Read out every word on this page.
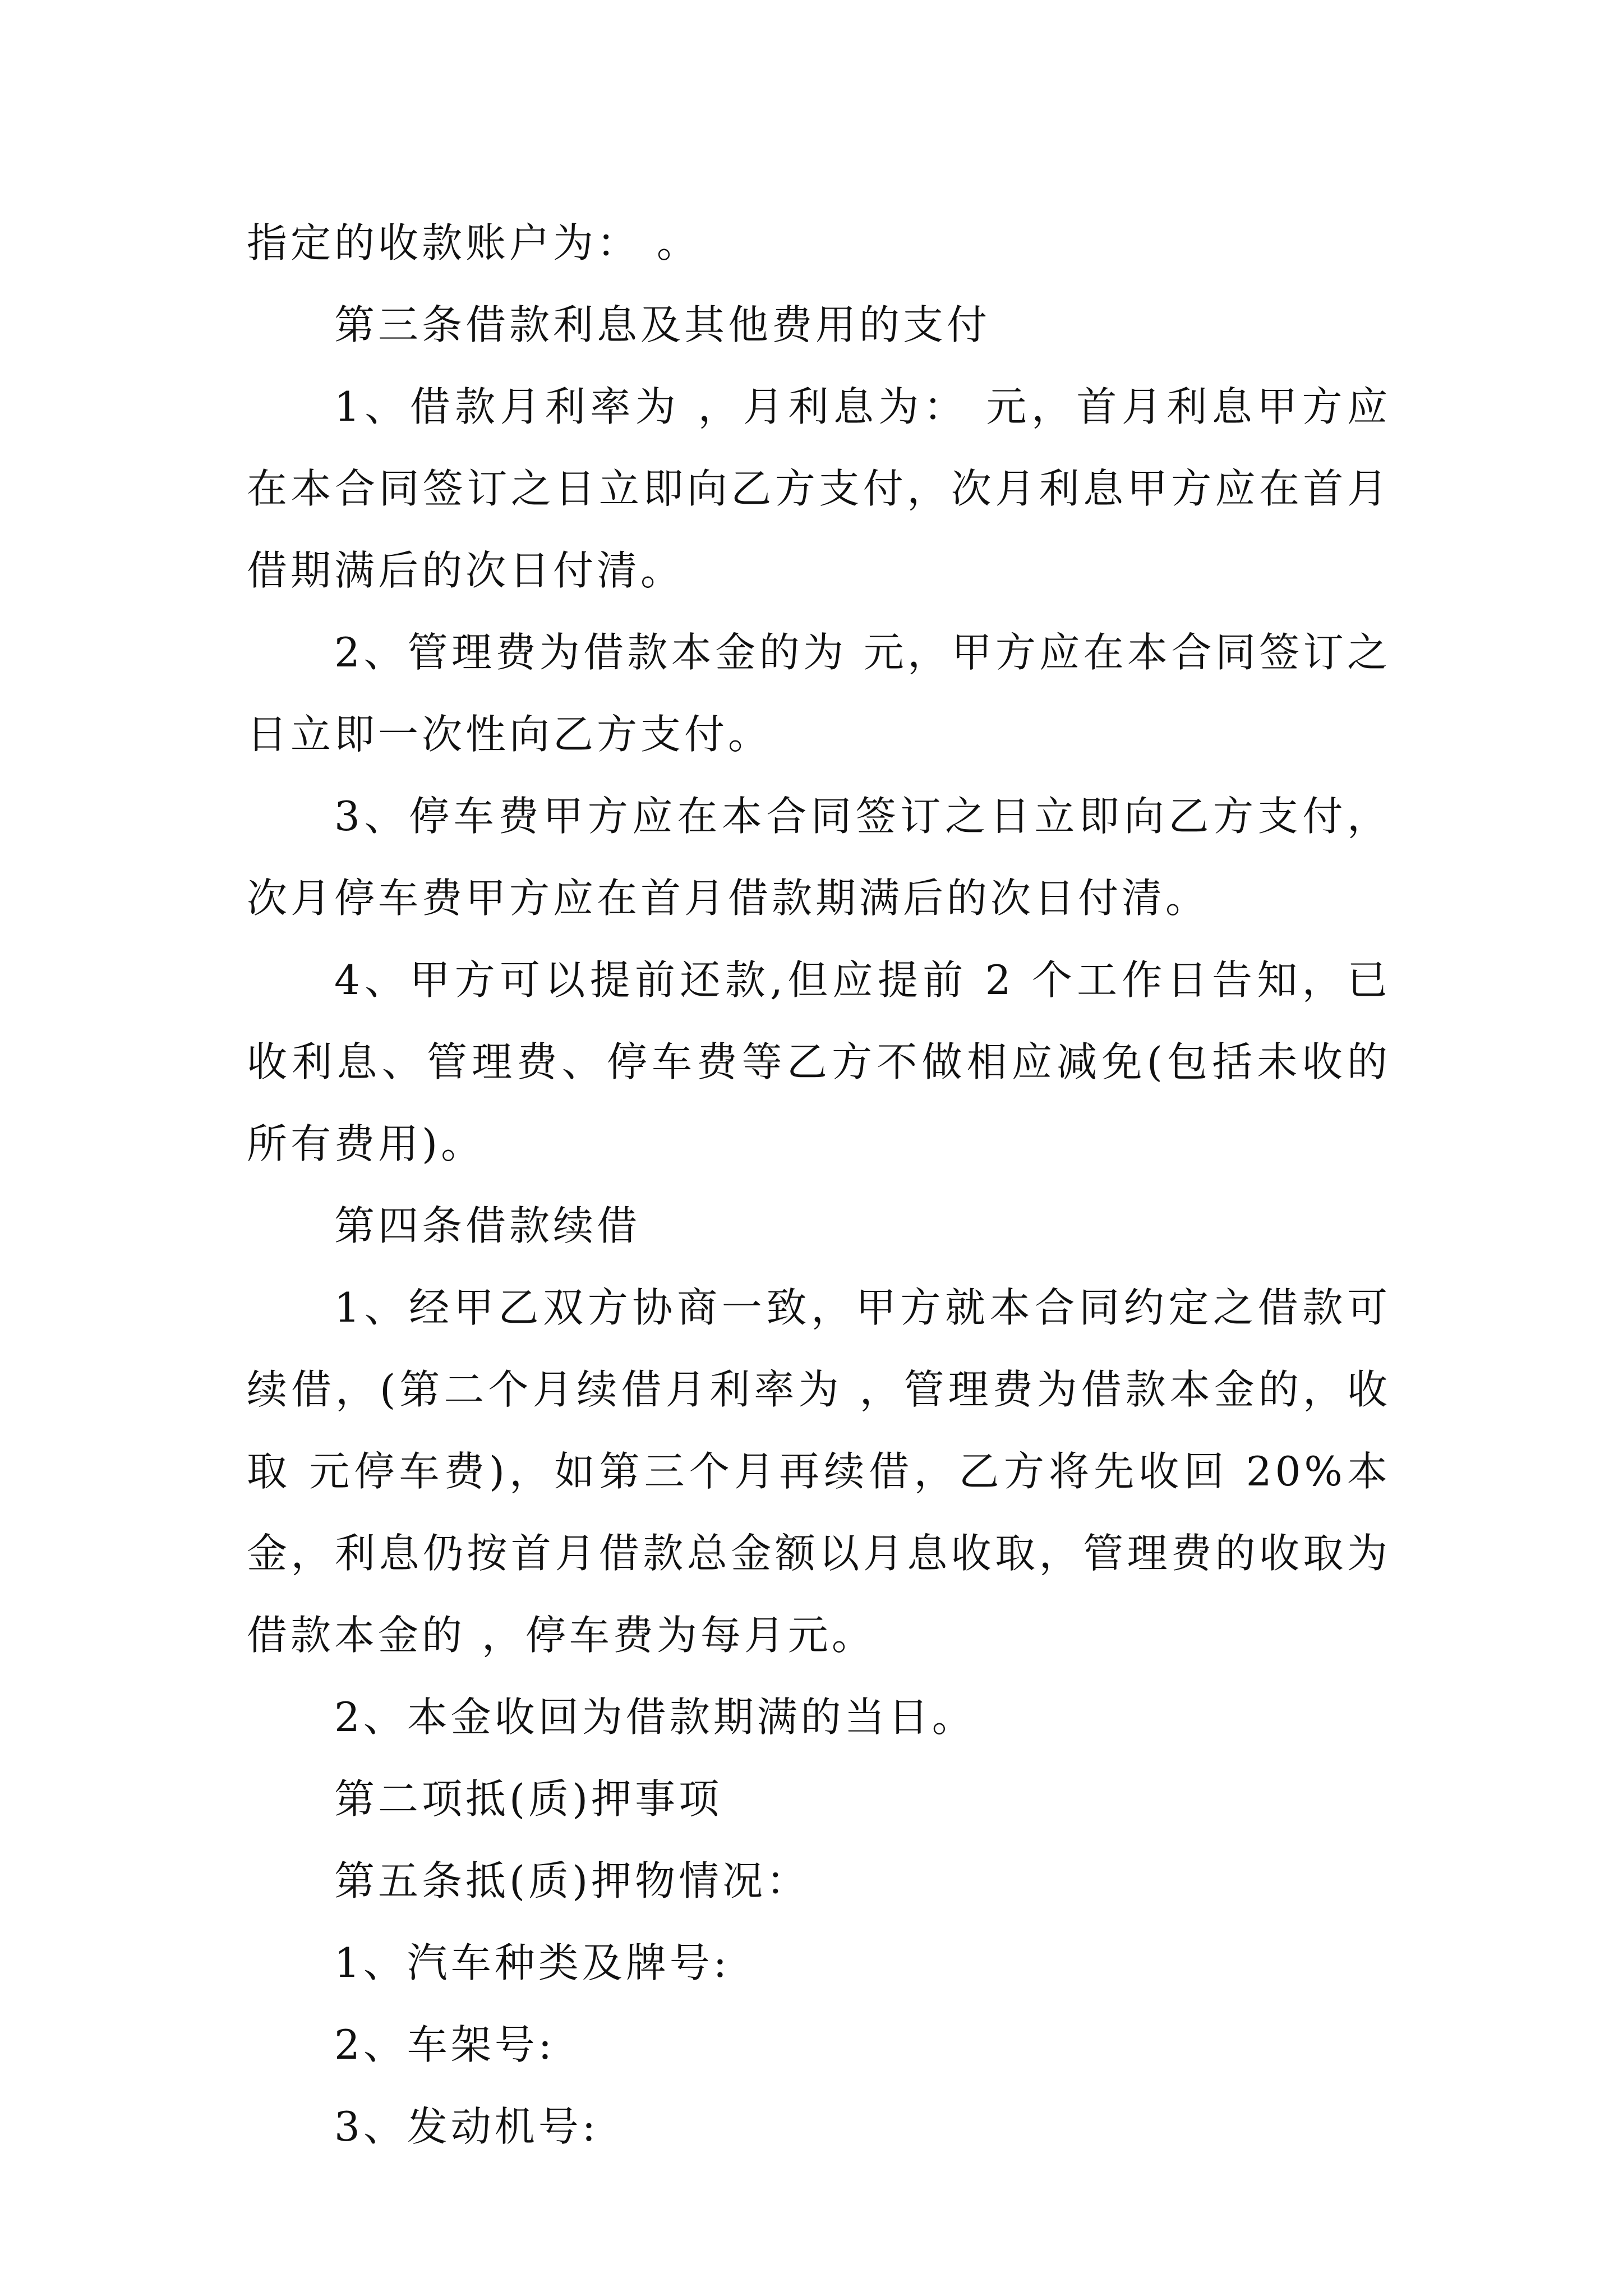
指定的收款账户为： 。

第三条借款利息及其他费用的支付

1、借款月利率为 ，月利息为： 元，首月利息甲方应在本合同签订之日立即向乙方支付，次月利息甲方应在首月借期满后的次日付清。

2、管理费为借款本金的为 元，甲方应在本合同签订之日立即一次性向乙方支付。

3、停车费甲方应在本合同签订之日立即向乙方支付，次月停车费甲方应在首月借款期满后的次日付清。

4、甲方可以提前还款,但应提前 2 个工作日告知，已收利息、管理费、停车费等乙方不做相应减免(包括未收的所有费用)。

第四条借款续借

1、经甲乙双方协商一致，甲方就本合同约定之借款可续借，(第二个月续借月利率为 ，管理费为借款本金的，收取 元停车费)，如第三个月再续借，乙方将先收回 20%本金，利息仍按首月借款总金额以月息收取，管理费的收取为借款本金的 ，停车费为每月元。

2、本金收回为借款期满的当日。

第二项抵(质)押事项

第五条抵(质)押物情况：

1、汽车种类及牌号:

2、车架号:

3、发动机号:
